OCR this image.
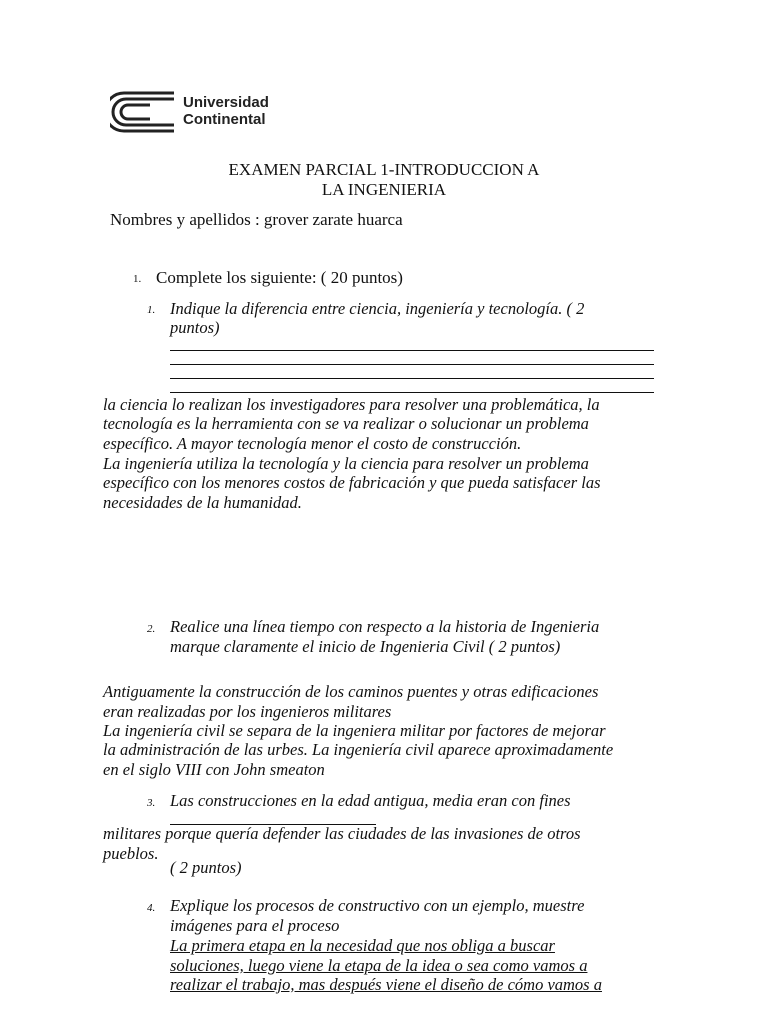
Universidad
Continental
EXAMEN PARCIAL 1-INTRODUCCION A
LA INGENIERIA
Nombres y apellidos : grover zarate huarca
1. Complete los siguiente: ( 20 puntos)
1. Indique la diferencia entre ciencia, ingeniería y tecnología. ( 2
puntos)
la ciencia lo realizan los investigadores para resolver una problemática, la
tecnología es la herramienta con se va realizar o solucionar un problema
específico. A mayor tecnología menor el costo de construcción.
La ingeniería utiliza la tecnología y la ciencia para resolver un problema
específico con los menores costos de fabricación y que pueda satisfacer las
necesidades de la humanidad.
2. Realice una línea tiempo con respecto a la historia de Ingenieria
marque claramente el inicio de Ingenieria Civil ( 2 puntos)
Antiguamente la construcción de los caminos puentes y otras edificaciones
eran realizadas por los ingenieros militares
La ingeniería civil se separa de la ingeniera militar por factores de mejorar
la administración de las urbes. La ingeniería civil aparece aproximadamente
en el siglo VIII con John smeaton
3. Las construcciones en la edad antigua, media eran con fines
militares porque quería defender las ciudades de las invasiones de otros
pueblos.
( 2 puntos)
4. Explique los procesos de constructivo con un ejemplo, muestre
imágenes para el proceso
La primera etapa en la necesidad que nos obliga a buscar
soluciones, luego viene la etapa de la idea o sea como vamos a
realizar el trabajo, mas después viene el diseño de cómo vamos a
